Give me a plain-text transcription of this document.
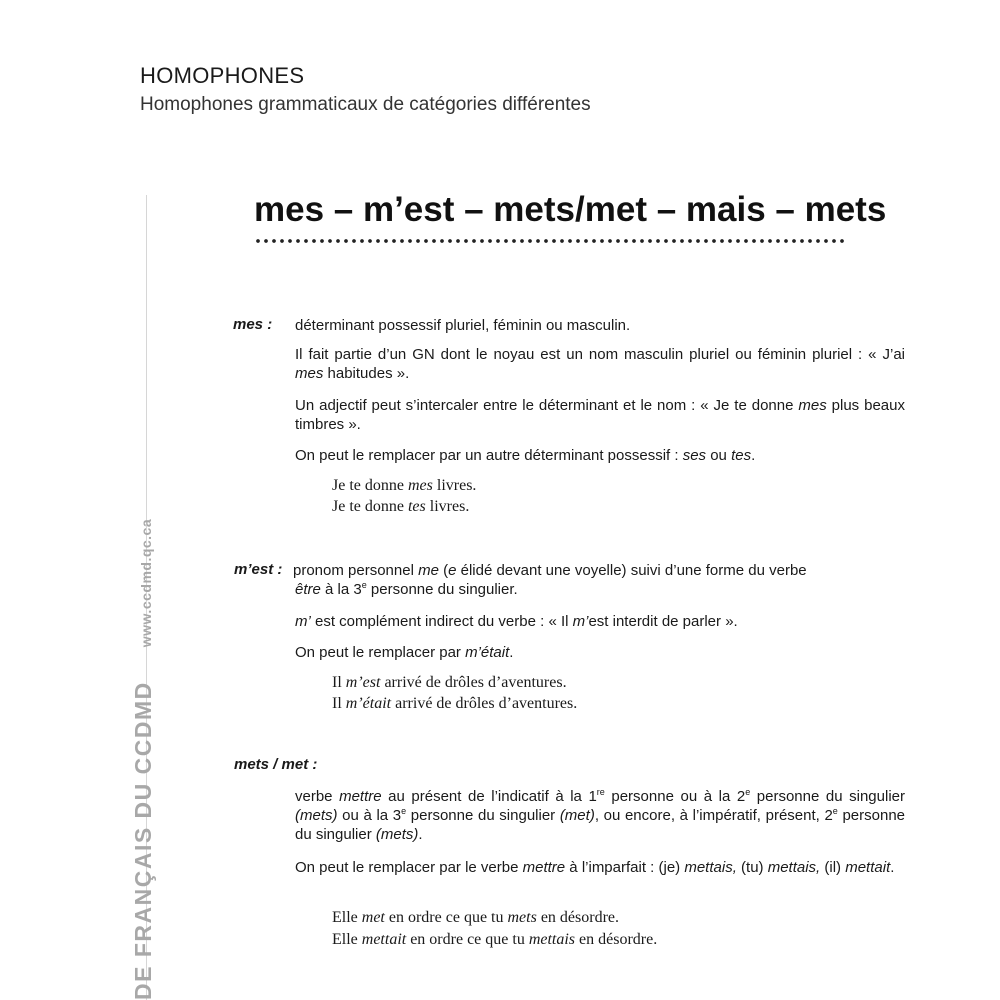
HOMOPHONES
Homophones grammaticaux de catégories différentes
DE FRANÇAIS DU CCDMDwww.ccdmd.qc.ca
mes – m’est – mets/met – mais – mets
mes : déterminant possessif pluriel, féminin ou masculin.
Il fait partie d’un GN dont le noyau est un nom masculin pluriel ou féminin pluriel : « J’ai mes habitudes ».
Un adjectif peut s’intercaler entre le déterminant et le nom : « Je te donne mes plus beaux timbres ».
On peut le remplacer par un autre déterminant possessif : ses ou tes.
Je te donne mes livres.
Je te donne tes livres.
m’est : pronom personnel me (e élidé devant une voyelle) suivi d’une forme du verbe
être à la 3e personne du singulier.
m’ est complément indirect du verbe : « Il m’est interdit de parler ».
On peut le remplacer par m’était.
Il m’est arrivé de drôles d’aventures.
Il m’était arrivé de drôles d’aventures.
mets / met :
verbe mettre au présent de l’indicatif à la 1re personne ou à la 2e personne du singulier (mets) ou à la 3e personne du singulier (met), ou encore, à l’impératif, présent, 2e personne du singulier (mets).
On peut le remplacer par le verbe mettre à l’imparfait : (je) mettais, (tu) mettais, (il) mettait.
Elle met en ordre ce que tu mets en désordre.
Elle mettait en ordre ce que tu mettais en désordre.
